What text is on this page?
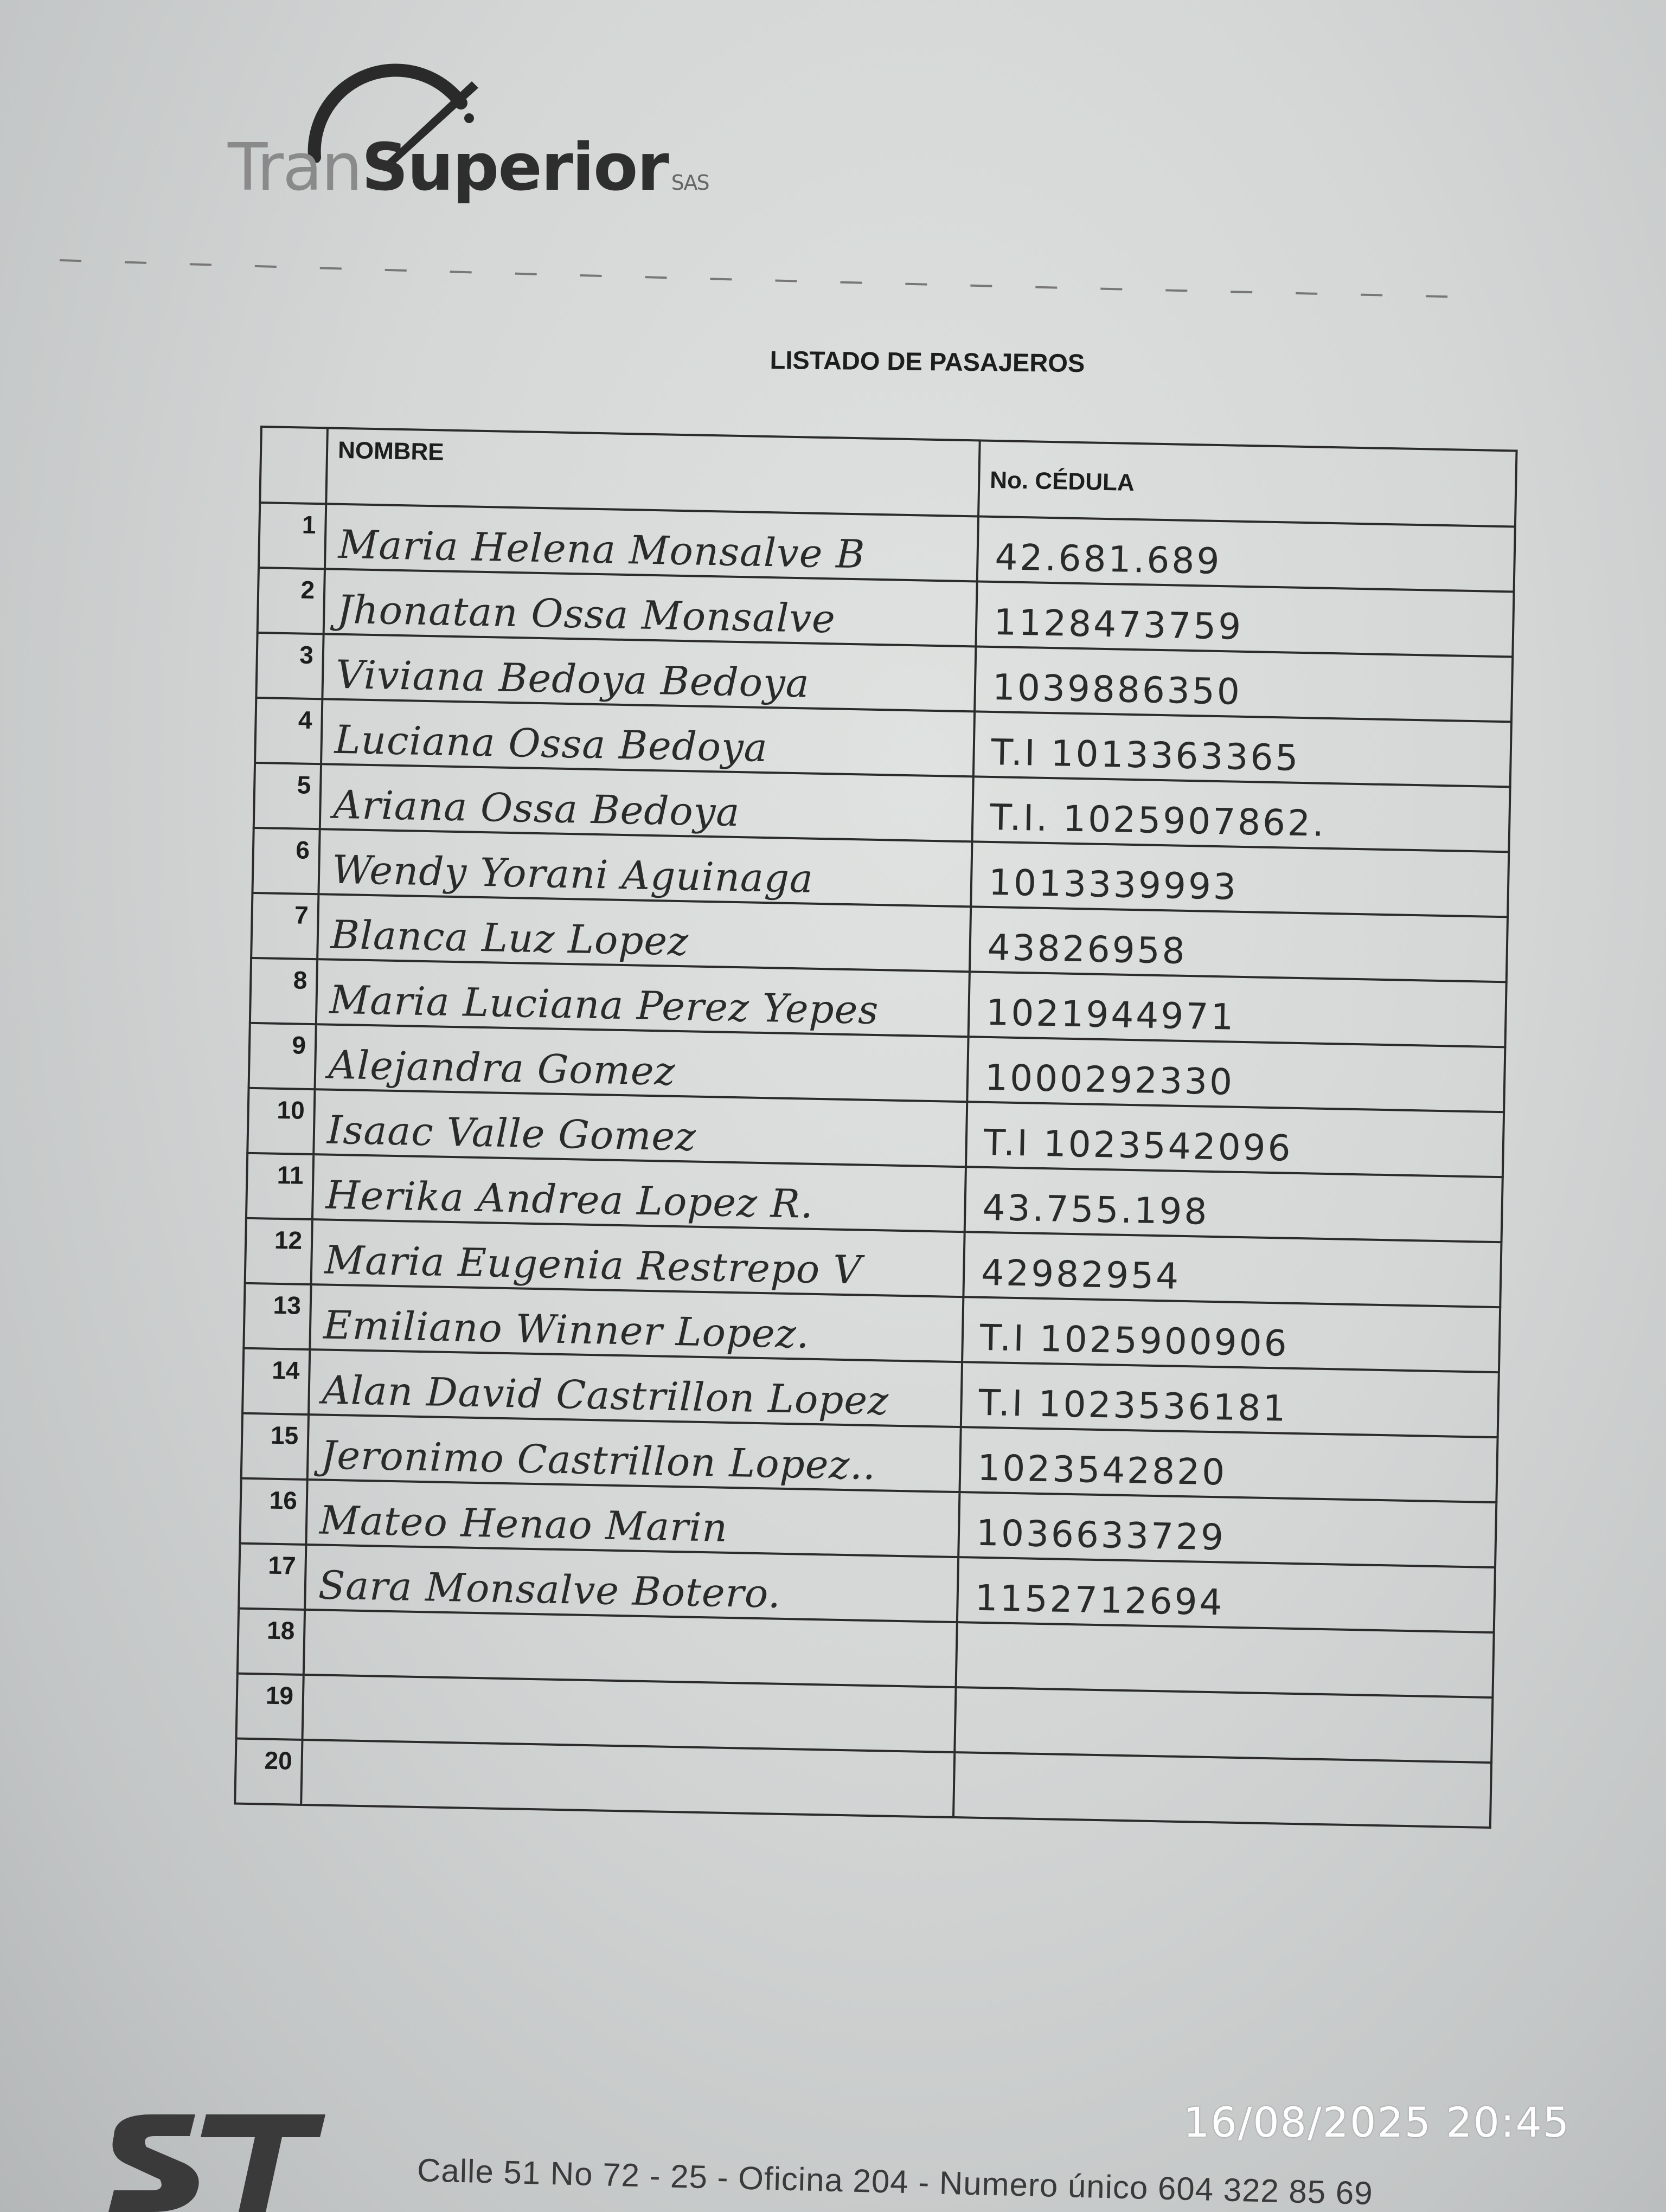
TranSuperior SAS
LISTADO DE PASAJEROS

	NOMBRE	No. CÉDULA

1	Maria Helena Monsalve B	42.681.689

2	Jhonatan Ossa Monsalve	1128473759

3	Viviana Bedoya Bedoya	1039886350

4	Luciana Ossa Bedoya	T.I 1013363365

5	Ariana Ossa Bedoya	T.I. 1025907862.

6	Wendy Yorani Aguinaga	1013339993

7	Blanca Luz Lopez	43826958

8	Maria Luciana Perez Yepes	1021944971

9	Alejandra Gomez	1000292330

10	Isaac Valle Gomez	T.I 1023542096

11	Herika Andrea Lopez R.	43.755.198

12	Maria Eugenia Restrepo V	42982954

13	Emiliano Winner Lopez.	T.I 1025900906

14	Alan David Castrillon Lopez	T.I 1023536181

15	Jeronimo Castrillon Lopez..	1023542820

16	Mateo Henao Marin	1036633729

17	Sara Monsalve Botero.	1152712694

18		

19		

20		

Calle 51 No 72 - 25 - Oficina 204 - Numero único 604 322 85 69
16/08/2025 20:45
